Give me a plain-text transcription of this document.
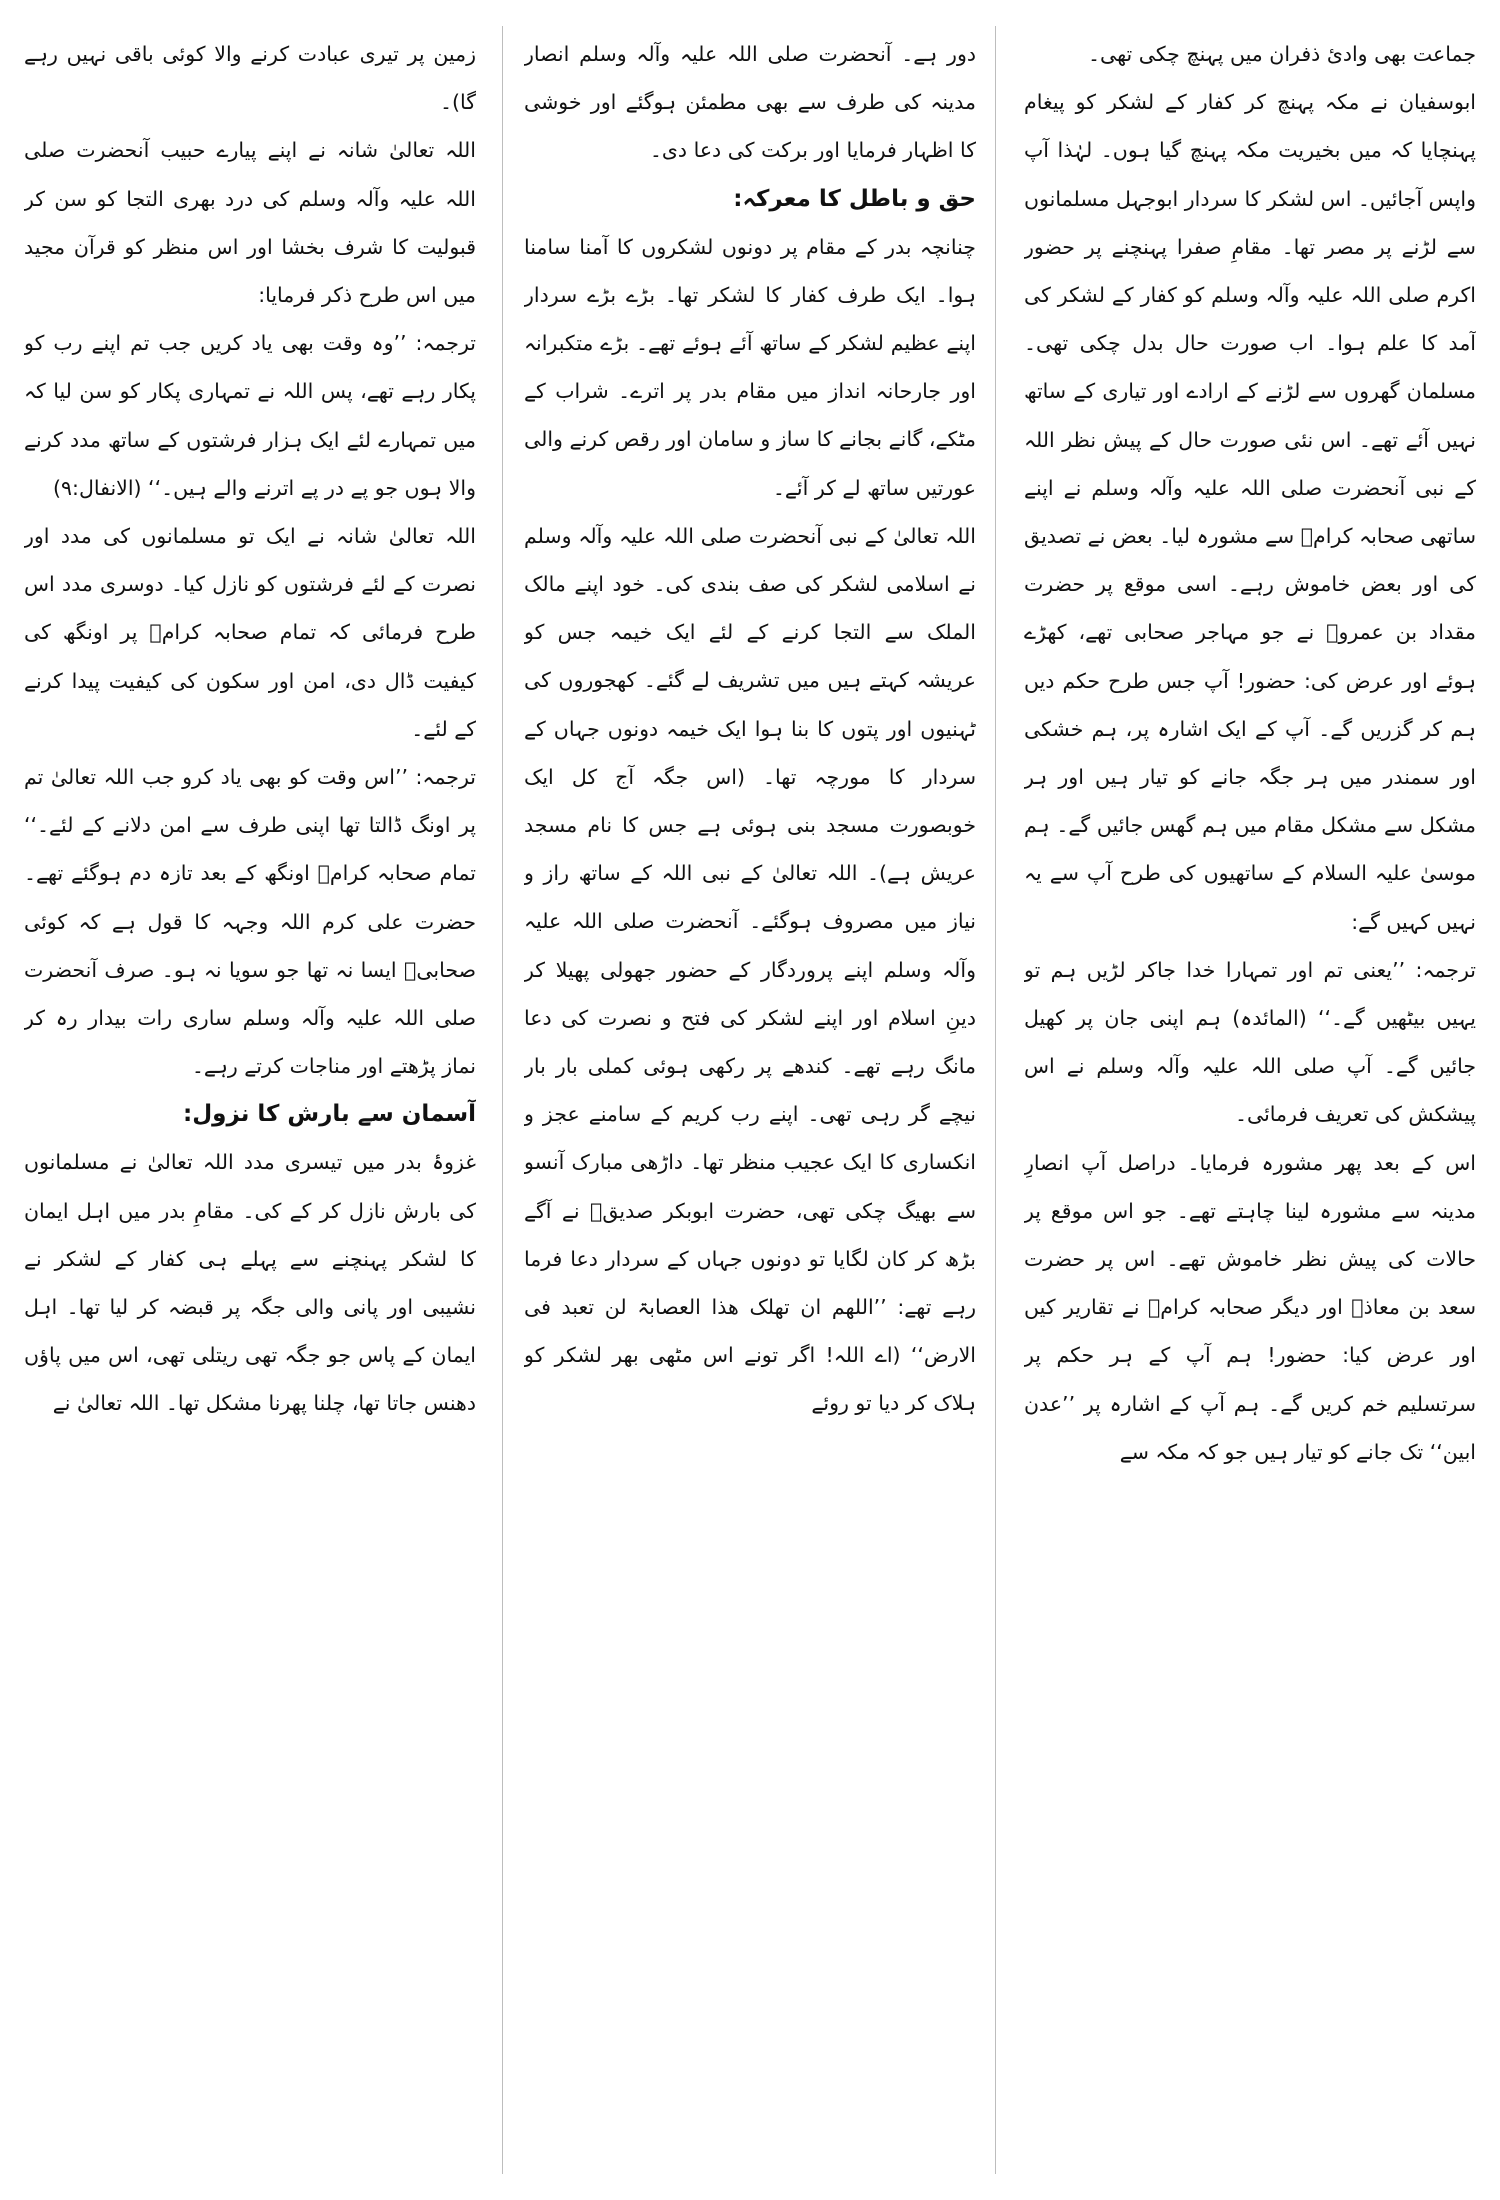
جماعت بھی وادیٔ ذفران میں پہنچ چکی تھی۔

ابوسفیان نے مکہ پہنچ کر کفار کے لشکر کو پیغام پہنچایا کہ میں بخیریت مکہ پہنچ گیا ہوں۔ لہٰذا آپ واپس آجائیں۔ اس لشکر کا سردار ابوجہل مسلمانوں سے لڑنے پر مصر تھا۔ مقامِ صفرا پہنچنے پر حضور اکرم صلی اللہ علیہ وآلہ وسلم کو کفار کے لشکر کی آمد کا علم ہوا۔ اب صورت حال بدل چکی تھی۔ مسلمان گھروں سے لڑنے کے ارادے اور تیاری کے ساتھ نہیں آئے تھے۔ اس نئی صورت حال کے پیش نظر اللہ کے نبی آنحضرت صلی اللہ علیہ وآلہ وسلم نے اپنے ساتھی صحابہ کرامؓ سے مشورہ لیا۔ بعض نے تصدیق کی اور بعض خاموش رہے۔ اسی موقع پر حضرت مقداد بن عمروؓ نے جو مہاجر صحابی تھے، کھڑے ہوئے اور عرض کی: حضور! آپ جس طرح حکم دیں ہم کر گزریں گے۔ آپ کے ایک اشارہ پر، ہم خشکی اور سمندر میں ہر جگہ جانے کو تیار ہیں اور ہر مشکل سے مشکل مقام میں ہم گھس جائیں گے۔ ہم موسیٰ علیہ السلام کے ساتھیوں کی طرح آپ سے یہ نہیں کہیں گے:

ترجمہ: ’’یعنی تم اور تمہارا خدا جاکر لڑیں ہم تو یہیں بیٹھیں گے۔‘‘ (المائدہ) ہم اپنی جان پر کھیل جائیں گے۔ آپ صلی اللہ علیہ وآلہ وسلم نے اس پیشکش کی تعریف فرمائی۔

اس کے بعد پھر مشورہ فرمایا۔ دراصل آپ انصارِ مدینہ سے مشورہ لینا چاہتے تھے۔ جو اس موقع پر حالات کی پیش نظر خاموش تھے۔ اس پر حضرت سعد بن معاذؓ اور دیگر صحابہ کرامؓ نے تقاریر کیں اور عرض کیا: حضور! ہم آپ کے ہر حکم پر سرتسلیم خم کریں گے۔ ہم آپ کے اشارہ پر ’’عدن ابین‘‘ تک جانے کو تیار ہیں جو کہ مکہ سے

دور ہے۔ آنحضرت صلی اللہ علیہ وآلہ وسلم انصار مدینہ کی طرف سے بھی مطمئن ہوگئے اور خوشی کا اظہار فرمایا اور برکت کی دعا دی۔

حق و باطل کا معرکہ:

چنانچہ بدر کے مقام پر دونوں لشکروں کا آمنا سامنا ہوا۔ ایک طرف کفار کا لشکر تھا۔ بڑے بڑے سردار اپنے عظیم لشکر کے ساتھ آئے ہوئے تھے۔ بڑے متکبرانہ اور جارحانہ انداز میں مقام بدر پر اترے۔ شراب کے مٹکے، گانے بجانے کا ساز و سامان اور رقص کرنے والی عورتیں ساتھ لے کر آئے۔

اللہ تعالیٰ کے نبی آنحضرت صلی اللہ علیہ وآلہ وسلم نے اسلامی لشکر کی صف بندی کی۔ خود اپنے مالک الملک سے التجا کرنے کے لئے ایک خیمہ جس کو عریشہ کہتے ہیں میں تشریف لے گئے۔ کھجوروں کی ٹہنیوں اور پتوں کا بنا ہوا ایک خیمہ دونوں جہاں کے سردار کا مورچہ تھا۔ (اس جگہ آج کل ایک خوبصورت مسجد بنی ہوئی ہے جس کا نام مسجد عریش ہے)۔ اللہ تعالیٰ کے نبی اللہ کے ساتھ راز و نیاز میں مصروف ہوگئے۔ آنحضرت صلی اللہ علیہ وآلہ وسلم اپنے پروردگار کے حضور جھولی پھیلا کر دینِ اسلام اور اپنے لشکر کی فتح و نصرت کی دعا مانگ رہے تھے۔ کندھے پر رکھی ہوئی کملی بار بار نیچے گر رہی تھی۔ اپنے رب کریم کے سامنے عجز و انکساری کا ایک عجیب منظر تھا۔ داڑھی مبارک آنسو سے بھیگ چکی تھی، حضرت ابوبکر صدیقؓ نے آگے بڑھ کر کان لگایا تو دونوں جہاں کے سردار دعا فرما رہے تھے: ’’اللھم ان تھلک ھذا العصابۃ لن تعبد فی الارض‘‘ (اے اللہ! اگر تونے اس مٹھی بھر لشکر کو ہلاک کر دیا تو روئے

زمین پر تیری عبادت کرنے والا کوئی باقی نہیں رہے گا)۔

اللہ تعالیٰ شانہ نے اپنے پیارے حبیب آنحضرت صلی اللہ علیہ وآلہ وسلم کی درد بھری التجا کو سن کر قبولیت کا شرف بخشا اور اس منظر کو قرآن مجید میں اس طرح ذکر فرمایا:

ترجمہ: ’’وہ وقت بھی یاد کریں جب تم اپنے رب کو پکار رہے تھے، پس اللہ نے تمہاری پکار کو سن لیا کہ میں تمہارے لئے ایک ہزار فرشتوں کے ساتھ مدد کرنے والا ہوں جو پے در پے اترنے والے ہیں۔‘‘ (الانفال:۹)

اللہ تعالیٰ شانہ نے ایک تو مسلمانوں کی مدد اور نصرت کے لئے فرشتوں کو نازل کیا۔ دوسری مدد اس طرح فرمائی کہ تمام صحابہ کرامؓ پر اونگھ کی کیفیت ڈال دی، امن اور سکون کی کیفیت پیدا کرنے کے لئے۔

ترجمہ: ’’اس وقت کو بھی یاد کرو جب اللہ تعالیٰ تم پر اونگ ڈالتا تھا اپنی طرف سے امن دلانے کے لئے۔‘‘ تمام صحابہ کرامؓ اونگھ کے بعد تازہ دم ہوگئے تھے۔ حضرت علی کرم اللہ وجہہ کا قول ہے کہ کوئی صحابیؓ ایسا نہ تھا جو سویا نہ ہو۔ صرف آنحضرت صلی اللہ علیہ وآلہ وسلم ساری رات بیدار رہ کر نماز پڑھتے اور مناجات کرتے رہے۔

آسمان سے بارش کا نزول:

غزوۂ بدر میں تیسری مدد اللہ تعالیٰ نے مسلمانوں کی بارش نازل کر کے کی۔ مقامِ بدر میں اہل ایمان کا لشکر پہنچنے سے پہلے ہی کفار کے لشکر نے نشیبی اور پانی والی جگہ پر قبضہ کر لیا تھا۔ اہل ایمان کے پاس جو جگہ تھی ریتلی تھی، اس میں پاؤں دھنس جاتا تھا، چلنا پھرنا مشکل تھا۔ اللہ تعالیٰ نے
